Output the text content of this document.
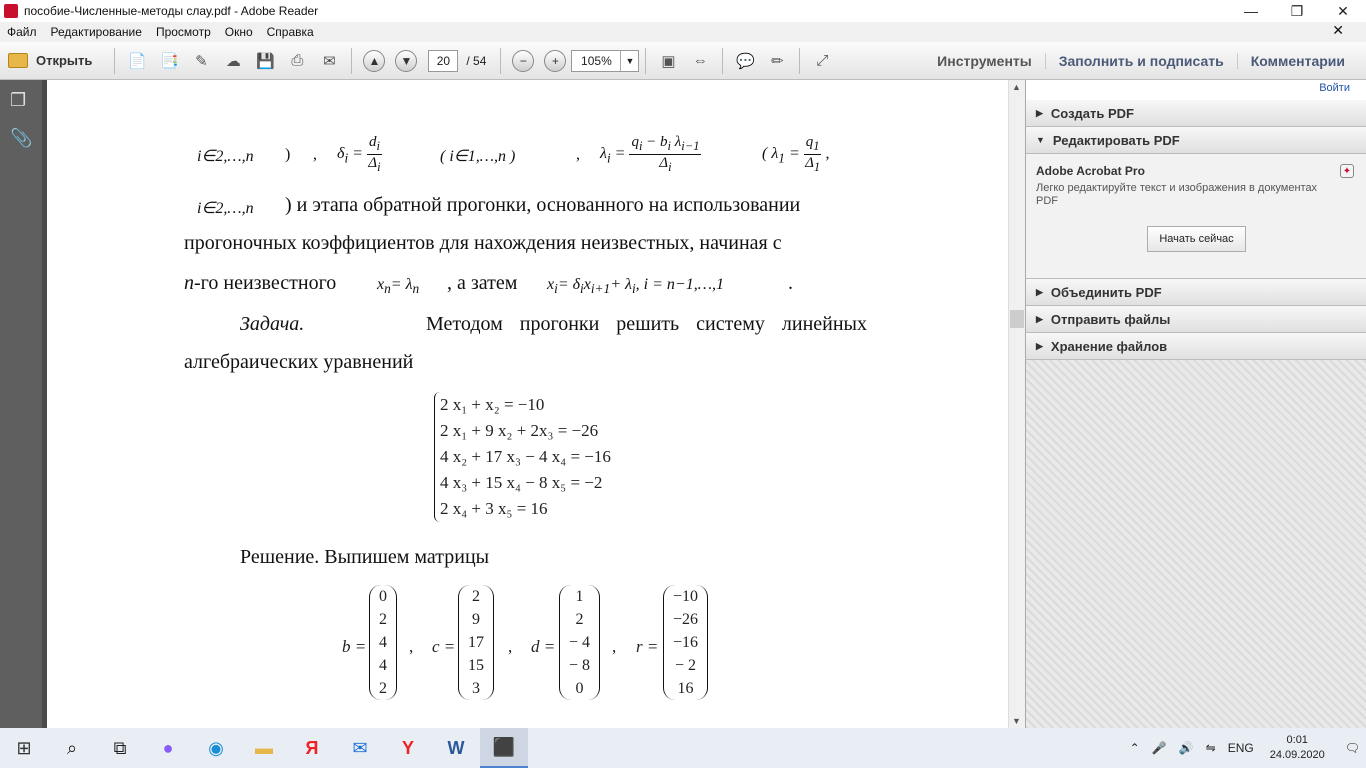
пособие-Численные-методы слау.pdf - Adobe Reader	—	❐	✕
Файл Редактирование Просмотр Окно Справка	✕
Открыть 📄 📑	✎	☁	💾	⎙	✉	▲	▼	20	/ 54	−	+	105%	▼	▣	⇔	💬	✏	⤢	Инструменты	Заполнить и подписать	Комментарии
❐
📎
i∈2,…,n ) , $\delta_i = \frac{d_i}{\Delta_i}$	( i∈1,…,n )	, $\lambda_i = \frac{q_i - b_i \lambda_{i-1}}{\Delta_i}$	( $\lambda_1 = \frac{q_1}{\Delta_1}$ ,
i∈2,…,n ) и этапа обратной прогонки, основанного на использовании
прогоночных коэффициентов для нахождения неизвестных, начиная с
n-го неизвестного	$x_n= \lambda_n$ , а затем $x_i= \delta_ix_{i+1}+ \lambda_i$, i = n−1,…,1	.
Задача.	Методом прогонки решить систему линейных
алгебраических уравнений
2 x₁ + x₂ = −10
2 x₁ + 9 x₂ + 2x₃ = −26
4 x₂ + 17 x₃ − 4 x₄ = −16
4 x₃ + 15 x₄ − 8 x₅ = −2
2 x₄ + 3 x₅ = 16
Решение. Выпишем матрицы
b =
0
2
4
4
2
, c =
2
9
17
15
3
, d =
1
2
− 4
− 8
0
, r =
−10
−26
−16
− 2
16
▲
▼
Войти
▶ Создать PDF
▼ Редактировать PDF
Adobe Acrobat Pro
Легко редактируйте текст и изображения в документах PDF
✦
Начать сейчас
▶ Объединить PDF
▶ Отправить файлы
▶ Хранение файлов
⊞	⌕	⧉	●	◉	▬	Я	✉	Y	W	⬛	⌃ 🎤 🔊 ⇋ ENG
0:01
24.09.2020 🗨
